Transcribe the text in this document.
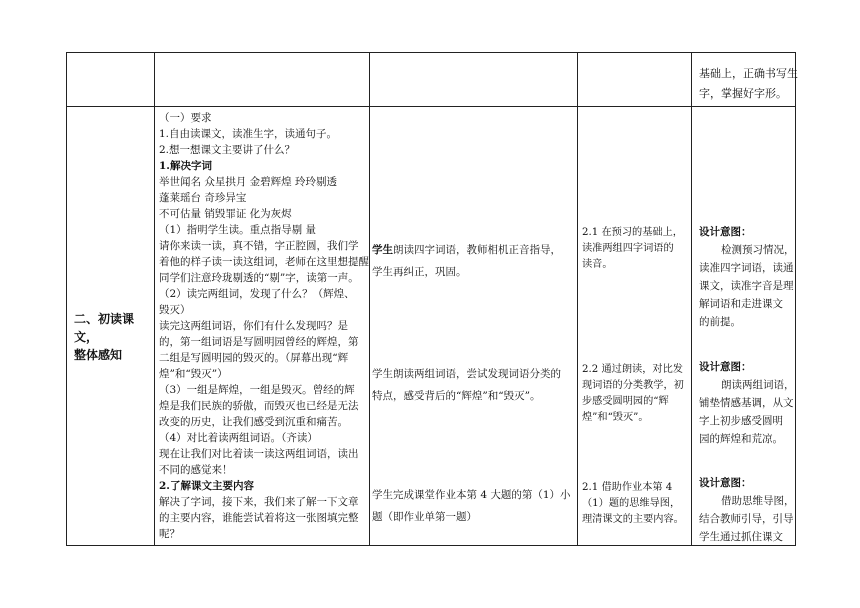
基础上，正确书写生
字，掌握好字形。
二、初读课文，
整体感知
（一）要求
1.自由读课文，读准生字，读通句子。
2.想一想课文主要讲了什么？
1.解决字词
举世闻名 众星拱月 金碧辉煌 玲玲剔透
蓬莱瑶台 奇珍异宝
不可估量 销毁罪证 化为灰烬
（1）指明学生读。重点指导剔 量
请你来读一读，真不错，字正腔圆，我们学
着他的样子读一读这组词，老师在这里想提醒
同学们注意玲珑剔透的“剔”字，读第一声。
（2）读完两组词，发现了什么？（辉煌、
毁灭）
读完这两组词语，你们有什么发现吗？是
的，第一组词语是写圆明园曾经的辉煌，第
二组是写圆明园的毁灭的。（屏幕出现“辉
煌”和“毁灭”）
（3）一组是辉煌，一组是毁灭。曾经的辉
煌是我们民族的骄傲，而毁灭也已经是无法
改变的历史，让我们感受到沉重和痛苦。
（4）对比着读两组词语。（齐读）
现在让我们对比着读一读这两组词语，读出
不同的感觉来！
2.了解课文主要内容
解决了字词，接下来，我们来了解一下文章
的主要内容，谁能尝试着将这一张图填完整
呢？
学生朗读四字词语，教师相机正音指导，
学生再纠正，巩固。
学生朗读两组词语，尝试发现词语分类的
特点，感受背后的“辉煌”和“毁灭”。
学生完成课堂作业本第 4 大题的第（1）小
题（即作业单第一题）
2.1 在预习的基础上，
读准两组四字词语的
读音。
2.2 通过朗读，对比发
现词语的分类教学，初
步感受圆明园的“辉
煌”和“毁灭”。
2.1 借助作业本第 4
（1）题的思维导图，
理清课文的主要内容。
设计意图：
检测预习情况，
读准四字词语，读通
课文，读准字音是理
解词语和走进课文
的前提。
设计意图：
朗读两组词语，
铺垫情感基调，从文
字上初步感受圆明
园的辉煌和荒凉。
设计意图：
借助思维导图，
结合教师引导，引导
学生通过抓住课文
